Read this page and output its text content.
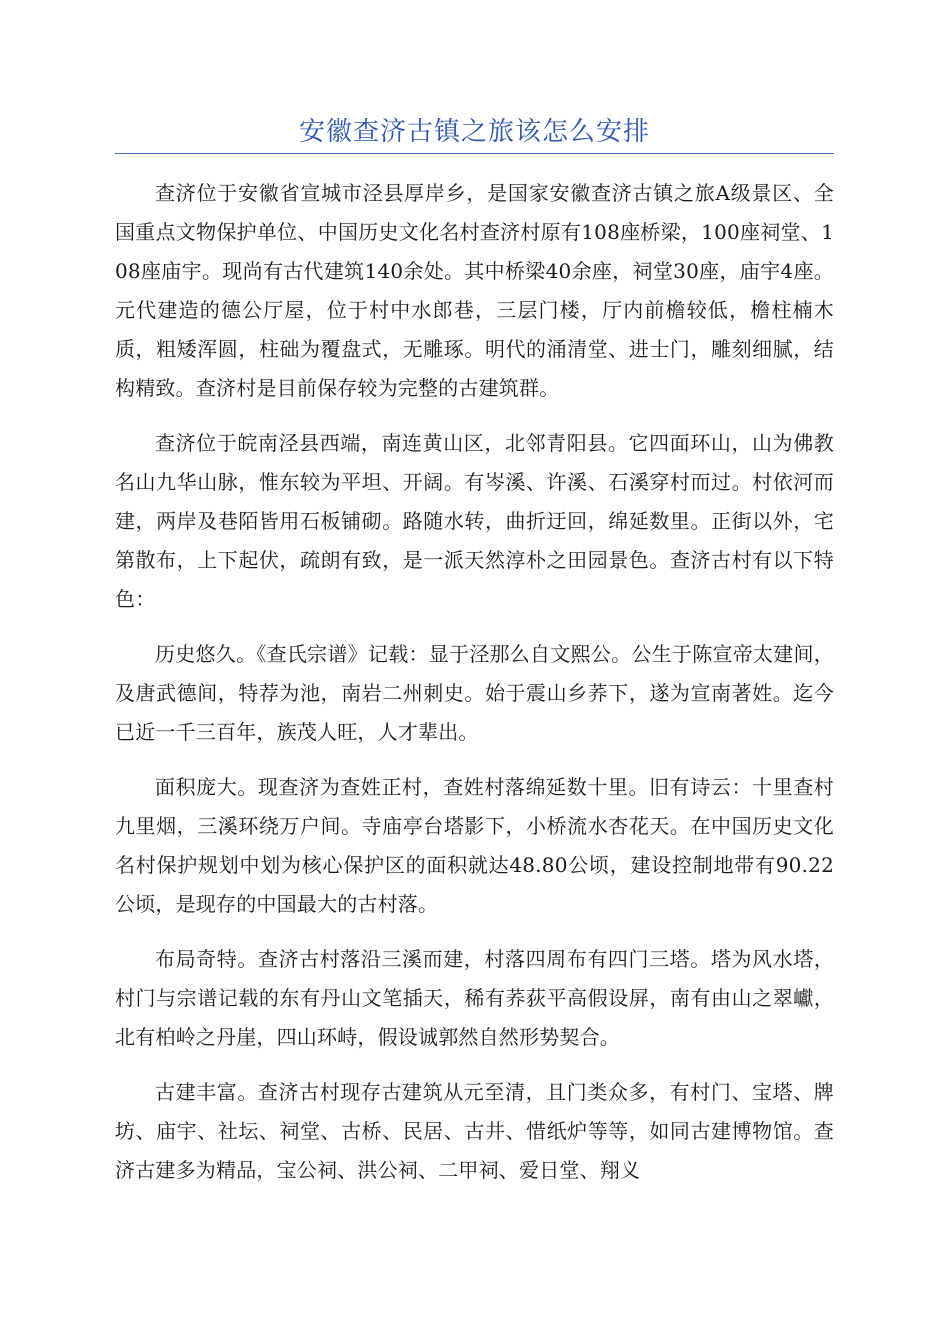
安徽查济古镇之旅该怎么安排

查济位于安徽省宣城市泾县厚岸乡，是国家安徽查济古镇之旅A级景区、全国重点文物保护单位、中国历史文化名村查济村原有108座桥梁，100座祠堂、108座庙宇。现尚有古代建筑140余处。其中桥梁40余座，祠堂30座，庙宇4座。元代建造的德公厅屋，位于村中水郎巷，三层门楼，厅内前檐较低，檐柱楠木质，粗矮浑圆，柱础为覆盘式，无雕琢。明代的涌清堂、进士门，雕刻细腻，结构精致。查济村是目前保存较为完整的古建筑群。

查济位于皖南泾县西端，南连黄山区，北邻青阳县。它四面环山，山为佛教名山九华山脉，惟东较为平坦、开阔。有岑溪、许溪、石溪穿村而过。村依河而建，两岸及巷陌皆用石板铺砌。路随水转，曲折迂回，绵延数里。正街以外，宅第散布，上下起伏，疏朗有致，是一派天然淳朴之田园景色。查济古村有以下特色：

历史悠久。《查氏宗谱》记载：显于泾那么自文熙公。公生于陈宣帝太建间，及唐武德间，特荐为池，南岩二州刺史。始于震山乡荞下，遂为宣南著姓。迄今已近一千三百年，族茂人旺，人才辈出。

面积庞大。现查济为查姓正村，查姓村落绵延数十里。旧有诗云：十里查村九里烟，三溪环绕万户间。寺庙亭台塔影下，小桥流水杏花天。在中国历史文化名村保护规划中划为核心保护区的面积就达48.80公顷，建设控制地带有90.22公顷，是现存的中国最大的古村落。

布局奇特。查济古村落沿三溪而建，村落四周布有四门三塔。塔为风水塔，村门与宗谱记载的东有丹山文笔插天，稀有荞荻平高假设屏，南有由山之翠巘，北有柏岭之丹崖，四山环峙，假设诚郭然自然形势契合。

古建丰富。查济古村现存古建筑从元至清，且门类众多，有村门、宝塔、牌坊、庙宇、社坛、祠堂、古桥、民居、古井、惜纸炉等等，如同古建博物馆。查济古建多为精品，宝公祠、洪公祠、二甲祠、爱日堂、翔义
